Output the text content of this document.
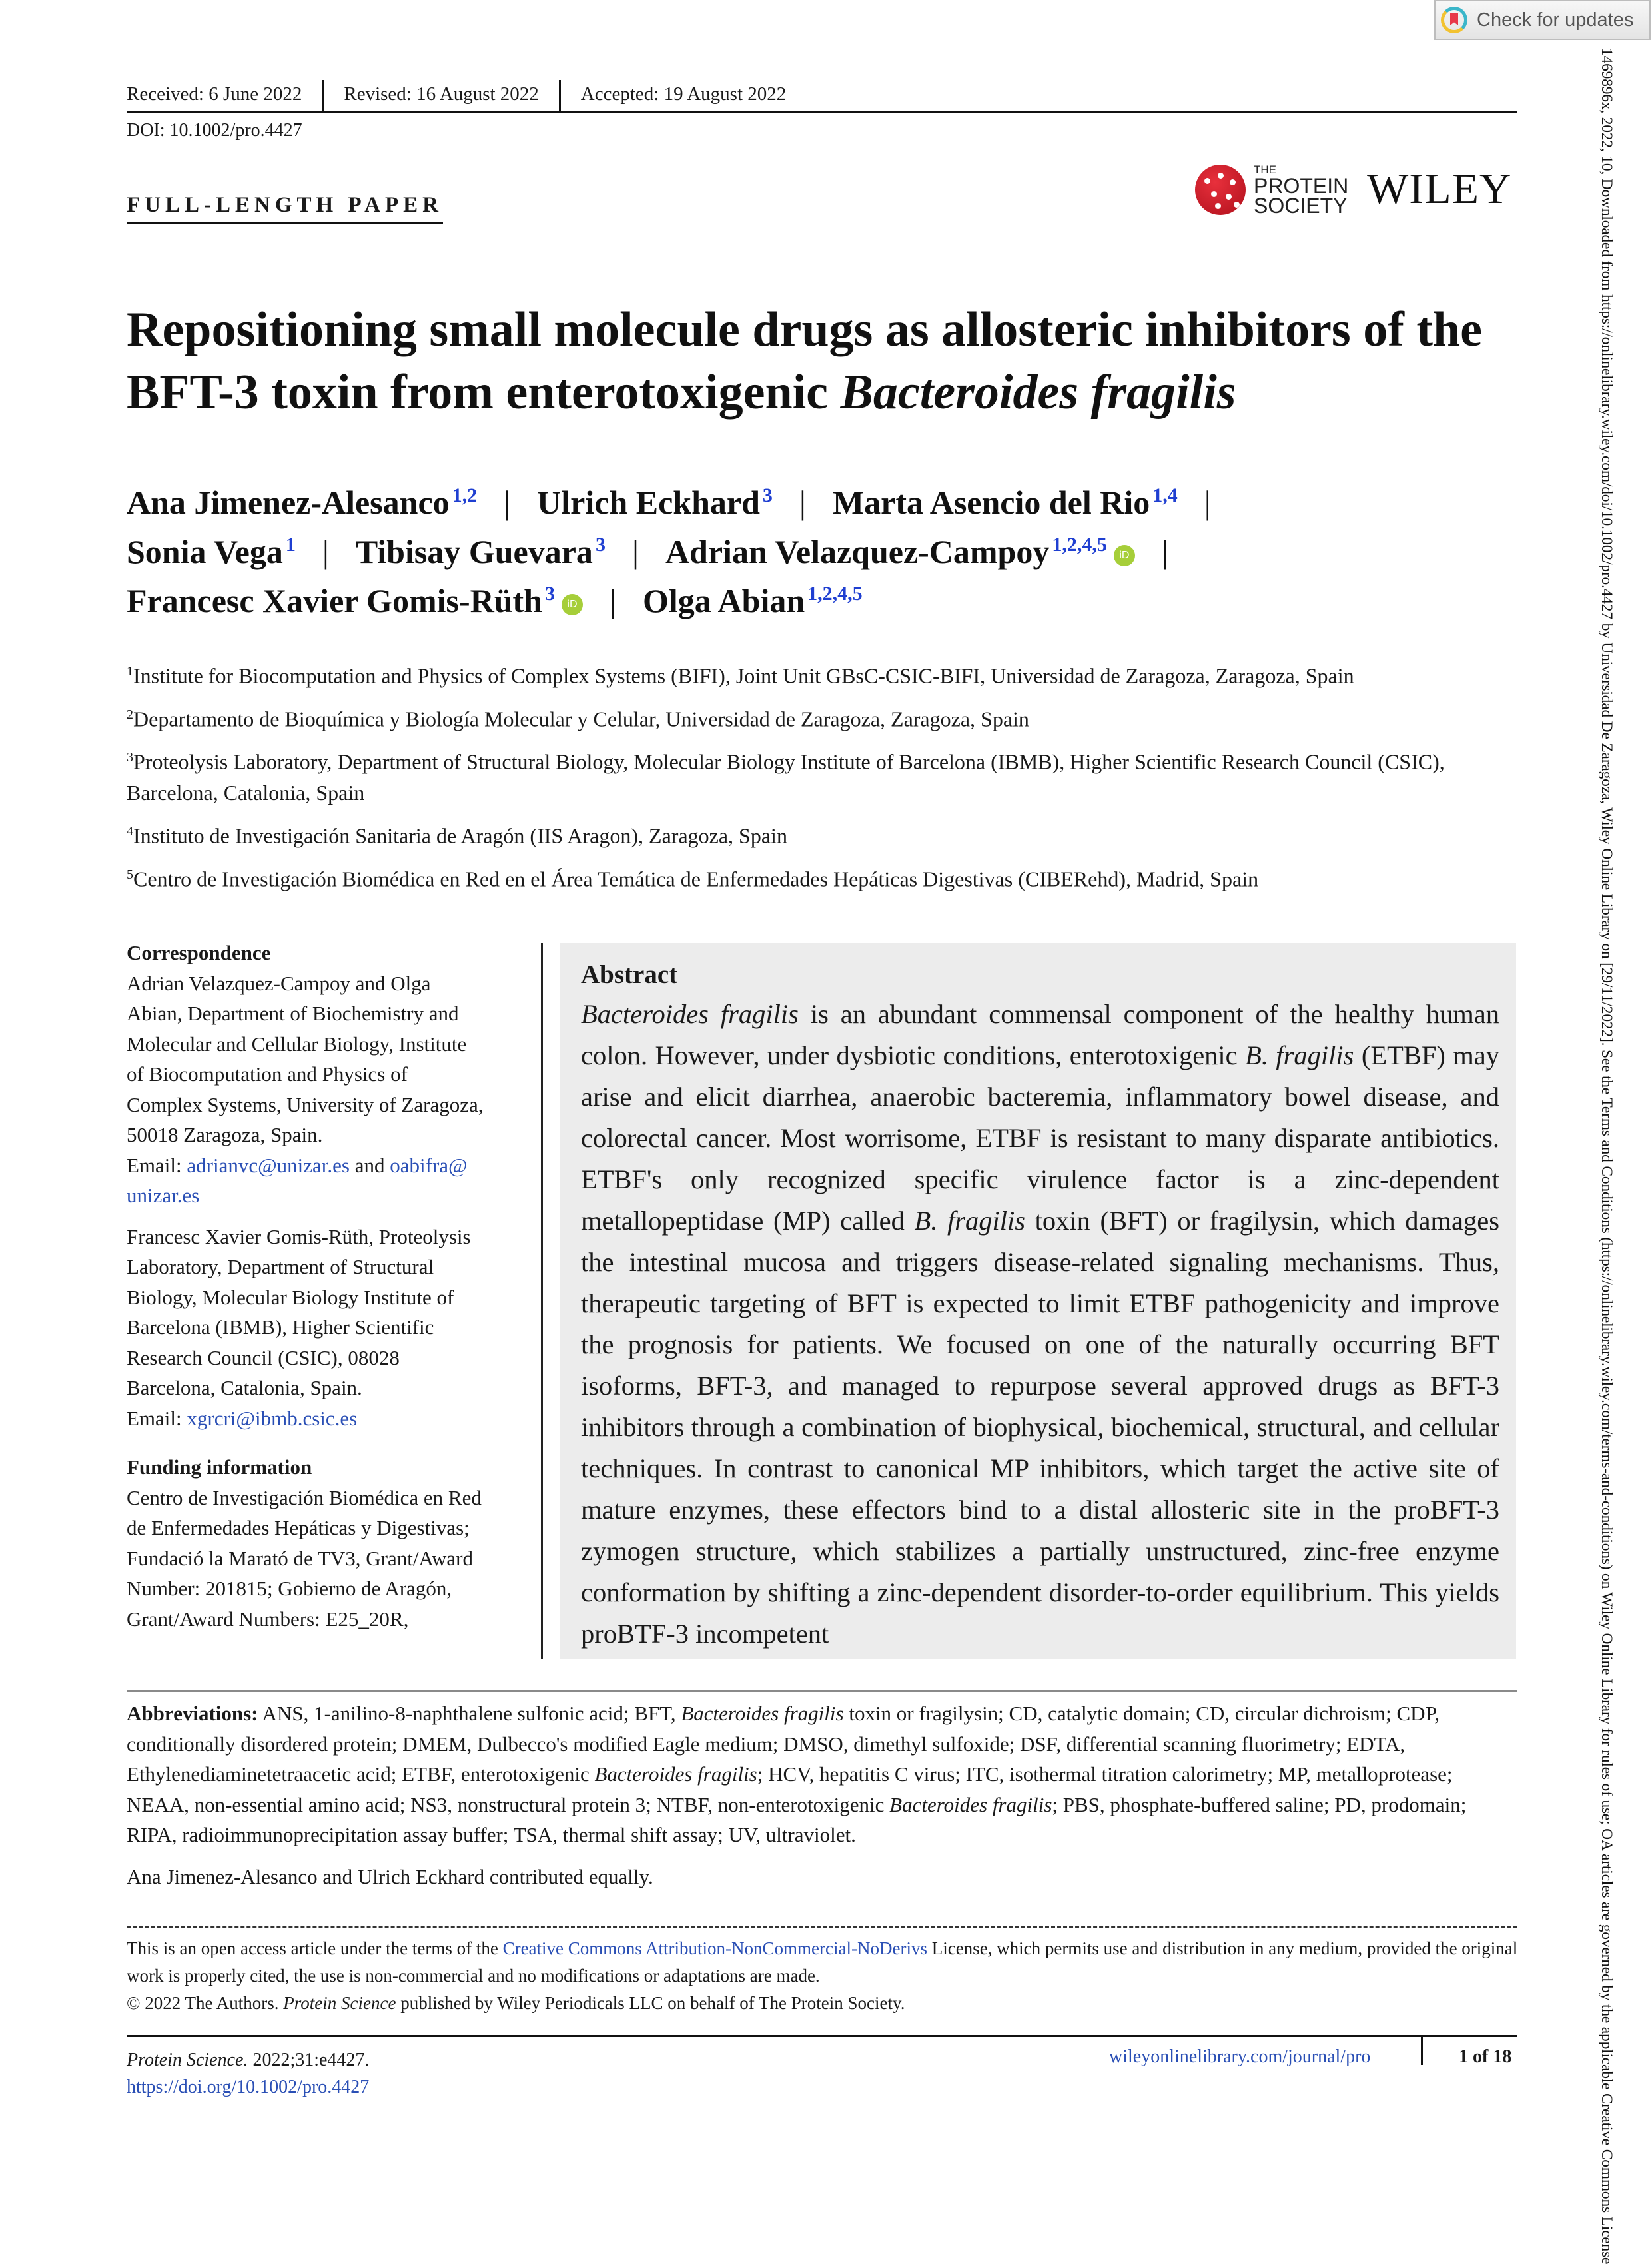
Check for updates
Received: 6 June 2022	Revised: 16 August 2022	Accepted: 19 August 2022
DOI: 10.1002/pro.4427
FULL-LENGTH PAPER
THE
PROTEIN
SOCIETY WILEY
Repositioning small molecule drugs as allosteric inhibitors of the BFT-3 toxin from enterotoxigenic Bacteroides fragilis
Ana Jimenez-Alesanco $^{1,2}$ | Ulrich Eckhard $^3$ | Marta Asencio del Rio $^{1,4}$ |
Sonia Vega $^1$ | Tibisay Guevara $^3$ | Adrian Velazquez-Campoy $^{1,2,4,5}$ iD |
Francesc Xavier Gomis-Rüth $^3$ iD | Olga Abian $^{1,2,4,5}$
$^1$Institute for Biocomputation and Physics of Complex Systems (BIFI), Joint Unit GBsC-CSIC-BIFI, Universidad de Zaragoza, Zaragoza, Spain
$^2$Departamento de Bioquímica y Biología Molecular y Celular, Universidad de Zaragoza, Zaragoza, Spain
$^3$Proteolysis Laboratory, Department of Structural Biology, Molecular Biology Institute of Barcelona (IBMB), Higher Scientific Research Council (CSIC), Barcelona, Catalonia, Spain
$^4$Instituto de Investigación Sanitaria de Aragón (IIS Aragon), Zaragoza, Spain
$^5$Centro de Investigación Biomédica en Red en el Área Temática de Enfermedades Hepáticas Digestivas (CIBERehd), Madrid, Spain
Correspondence
Adrian Velazquez-Campoy and Olga
Abian, Department of Biochemistry and
Molecular and Cellular Biology, Institute
of Biocomputation and Physics of
Complex Systems, University of Zaragoza,
50018 Zaragoza, Spain.
Email: adrianvc@unizar.es and oabifra@
unizar.es
Francesc Xavier Gomis-Rüth, Proteolysis
Laboratory, Department of Structural
Biology, Molecular Biology Institute of
Barcelona (IBMB), Higher Scientific
Research Council (CSIC), 08028
Barcelona, Catalonia, Spain.
Email: xgrcri@ibmb.csic.es
Funding information
Centro de Investigación Biomédica en Red
de Enfermedades Hepáticas y Digestivas;
Fundació la Marató de TV3, Grant/Award
Number: 201815; Gobierno de Aragón,
Grant/Award Numbers: E25_20R,
Abstract

Bacteroides fragilis is an abundant commensal component of the healthy human colon. However, under dysbiotic conditions, enterotoxigenic B. fragilis (ETBF) may arise and elicit diarrhea, anaerobic bacteremia, inflammatory bowel disease, and colorectal cancer. Most worrisome, ETBF is resistant to many disparate antibiotics. ETBF's only recognized specific virulence factor is a zinc-dependent metallopeptidase (MP) called B. fragilis toxin (BFT) or fragilysin, which damages the intestinal mucosa and triggers disease-related signaling mechanisms. Thus, therapeutic targeting of BFT is expected to limit ETBF pathogenicity and improve the prognosis for patients. We focused on one of the naturally occurring BFT isoforms, BFT-3, and managed to repurpose several approved drugs as BFT-3 inhibitors through a combination of biophysical, biochemical, structural, and cellular techniques. In contrast to canonical MP inhibitors, which target the active site of mature enzymes, these effectors bind to a distal allosteric site in the proBFT-3 zymogen structure, which stabilizes a partially unstructured, zinc-free enzyme conformation by shifting a zinc-dependent disorder-to-order equilibrium. This yields proBTF-3 incompetent

Abbreviations: ANS, 1-anilino-8-naphthalene sulfonic acid; BFT, Bacteroides fragilis toxin or fragilysin; CD, catalytic domain; CD, circular dichroism; CDP, conditionally disordered protein; DMEM, Dulbecco's modified Eagle medium; DMSO, dimethyl sulfoxide; DSF, differential scanning fluorimetry; EDTA, Ethylenediaminetetraacetic acid; ETBF, enterotoxigenic Bacteroides fragilis; HCV, hepatitis C virus; ITC, isothermal titration calorimetry; MP, metalloprotease; NEAA, non-essential amino acid; NS3, nonstructural protein 3; NTBF, non-enterotoxigenic Bacteroides fragilis; PBS, phosphate-buffered saline; PD, prodomain; RIPA, radioimmunoprecipitation assay buffer; TSA, thermal shift assay; UV, ultraviolet.
Ana Jimenez-Alesanco and Ulrich Eckhard contributed equally.
This is an open access article under the terms of the Creative Commons Attribution-NonCommercial-NoDerivs License, which permits use and distribution in any medium, provided the original work is properly cited, the use is non-commercial and no modifications or adaptations are made.
© 2022 The Authors. Protein Science published by Wiley Periodicals LLC on behalf of The Protein Society.
Protein Science. 2022;31:e4427.
https://doi.org/10.1002/pro.4427
wileyonlinelibrary.com/journal/pro	1 of 18	1469896x, 2022, 10, Downloaded from https://onlinelibrary.wiley.com/doi/10.1002/pro.4427 by Universidad De Zaragoza, Wiley Online Library on [29/11/2022]. See the Terms and Conditions (https://onlinelibrary.wiley.com/terms-and-conditions) on Wiley Online Library for rules of use; OA articles are governed by the applicable Creative Commons License
